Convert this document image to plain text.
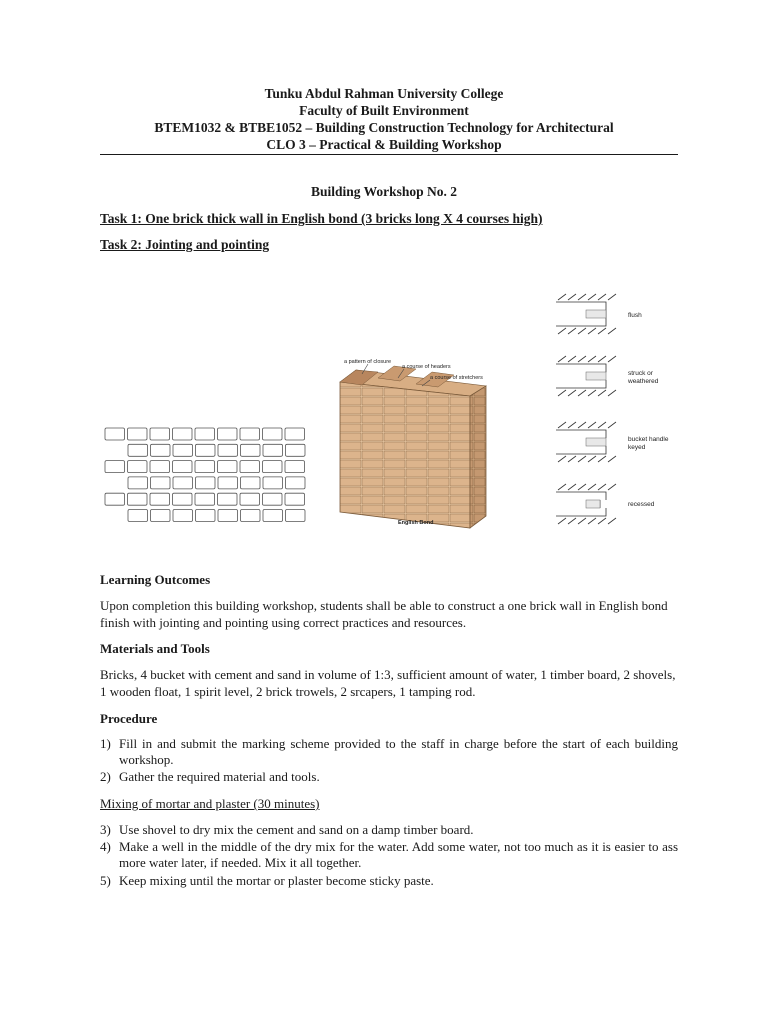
Tunku Abdul Rahman University College
Faculty of Built Environment
BTEM1032 & BTBE1052 – Building Construction Technology for Architectural
CLO 3 – Practical & Building Workshop
Building Workshop No. 2
Task 1: One brick thick wall in English bond (3 bricks long X 4 courses high)
Task 2: Jointing and pointing
a pattern of closure
a course of headers
a course of stretchers
English Bond
flush
struck or weathered
bucket handle keyed
recessed
Learning Outcomes
Upon completion this building workshop, students shall be able to construct a one brick wall in English bond finish with jointing and pointing using correct practices and resources.
Materials and Tools
Bricks, 4 bucket with cement and sand in volume of 1:3, sufficient amount of water, 1 timber board, 2 shovels, 1 wooden float, 1 spirit level, 2 brick trowels, 2 srcapers, 1 tamping rod.
Procedure
1) Fill in and submit the marking scheme provided to the staff in charge before the start of each building workshop.
2) Gather the required material and tools.
Mixing of mortar and plaster (30 minutes)
3) Use shovel to dry mix the cement and sand on a damp timber board.
4) Make a well in the middle of the dry mix for the water. Add some water, not too much as it is easier to ass more water later, if needed. Mix it all together.
5) Keep mixing until the mortar or plaster become sticky paste.
